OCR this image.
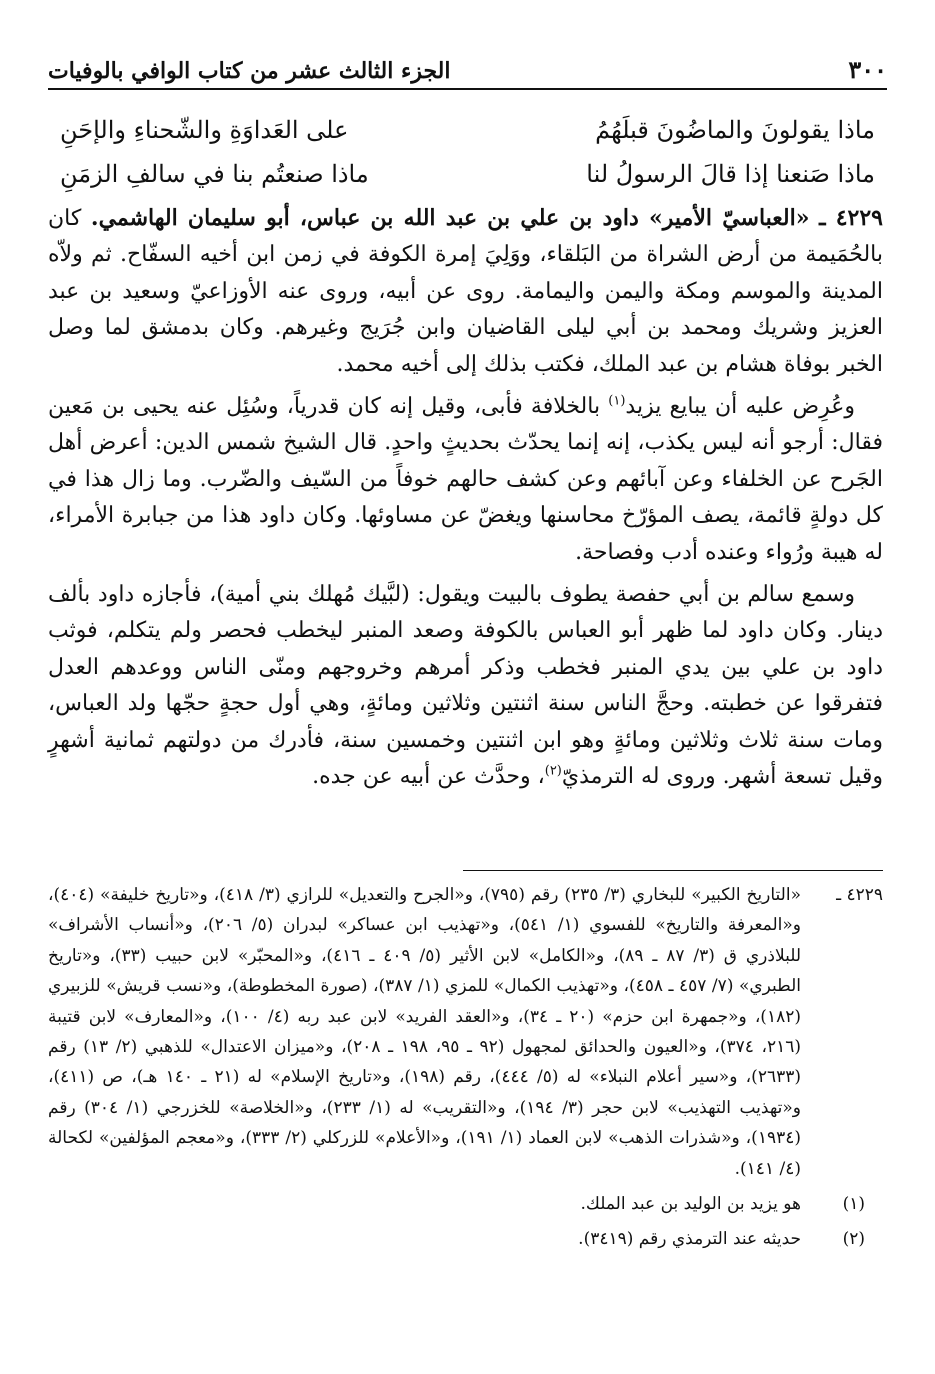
٣٠٠
الجزء الثالث عشر من كتاب الوافي بالوفيات
ماذا يقولونَ والماضُونَ قبلَهُمُ
على العَداوَةِ والشّحناءِ والإحَنِ
ماذا صَنعنا إذا قالَ الرسولُ لنا
ماذا صنعتُم بنا في سالفِ الزمَنِ

٤٢٢٩ ـ «العباسيّ الأمير» داود بن علي بن عبد الله بن عباس، أبو سليمان الهاشمي. كان بالحُمَيمة من أرض الشراة من البَلقاء، ووَلِيَ إمرة الكوفة في زمن ابن أخيه السفّاح. ثم ولاّه المدينة والموسم ومكة واليمن واليمامة. روى عن أبيه، وروى عنه الأوزاعيّ وسعيد بن عبد العزيز وشريك ومحمد بن أبي ليلى القاضيان وابن جُرَيج وغيرهم. وكان بدمشق لما وصل الخبر بوفاة هشام بن عبد الملك، فكتب بذلك إلى أخيه محمد.

وعُرِض عليه أن يبايع يزيد$^{(١)}$ بالخلافة فأبى، وقيل إنه كان قدرياً، وسُئِل عنه يحيى بن مَعين فقال: أرجو أنه ليس يكذب، إنه إنما يحدّث بحديثٍ واحدٍ. قال الشيخ شمس الدين: أعرض أهل الجَرح عن الخلفاء وعن آبائهم وعن كشف حالهم خوفاً من السّيف والضّرب. وما زال هذا في كل دولةٍ قائمة، يصف المؤرّخ محاسنها ويغضّ عن مساوئها. وكان داود هذا من جبابرة الأمراء، له هيبة ورُواء وعنده أدب وفصاحة.

وسمع سالم بن أبي حفصة يطوف بالبيت ويقول: (لبَّيك مُهلك بني أمية)، فأجازه داود بألف دينار. وكان داود لما ظهر أبو العباس بالكوفة وصعد المنبر ليخطب فحصر ولم يتكلم، فوثب داود بن علي بين يدي المنبر فخطب وذكر أمرهم وخروجهم ومنّى الناس ووعدهم العدل فتفرقوا عن خطبته. وحجَّ الناس سنة اثنتين وثلاثين ومائةٍ، وهي أول حجةٍ حجّها ولد العباس، ومات سنة ثلاث وثلاثين ومائةٍ وهو ابن اثنتين وخمسين سنة، فأدرك من دولتهم ثمانية أشهرٍ وقيل تسعة أشهر. وروى له الترمذيّ$^{(٢)}$، وحدَّث عن أبيه عن جده.

٤٢٢٩ ـ
«التاريخ الكبير» للبخاري (٣/ ٢٣٥) رقم (٧٩٥)، و«الجرح والتعديل» للرازي (٣/ ٤١٨)، و«تاريخ خليفة» (٤٠٤)، و«المعرفة والتاريخ» للفسوي (١/ ٥٤١)، و«تهذيب ابن عساكر» لبدران (٥/ ٢٠٦)، و«أنساب الأشراف» للبلاذري ق (٣/ ٨٧ ـ ٨٩)، و«الكامل» لابن الأثير (٥/ ٤٠٩ ـ ٤١٦)، و«المحبّر» لابن حبيب (٣٣)، و«تاريخ الطبري» (٧/ ٤٥٧ ـ ٤٥٨)، و«تهذيب الكمال» للمزي (١/ ٣٨٧)، (صورة المخطوطة)، و«نسب قريش» للزبيري (١٨٢)، و«جمهرة ابن حزم» (٢٠ ـ ٣٤)، و«العقد الفريد» لابن عبد ربه (٤/ ١٠٠)، و«المعارف» لابن قتيبة (٢١٦، ٣٧٤)، و«العيون والحدائق لمجهول (٩٢ ـ ٩٥، ١٩٨ ـ ٢٠٨)، و«ميزان الاعتدال» للذهبي (٢/ ١٣) رقم (٢٦٣٣)، و«سير أعلام النبلاء» له (٥/ ٤٤٤)، رقم (١٩٨)، و«تاريخ الإسلام» له (٢١ ـ ١٤٠ هـ)، ص (٤١١)، و«تهذيب التهذيب» لابن حجر (٣/ ١٩٤)، و«التقريب» له (١/ ٢٣٣)، و«الخلاصة» للخزرجي (١/ ٣٠٤) رقم (١٩٣٤)، و«شذرات الذهب» لابن العماد (١/ ١٩١)، و«الأعلام» للزركلي (٢/ ٣٣٣)، و«معجم المؤلفين» لكحالة (٤/ ١٤١).
(١)
هو يزيد بن الوليد بن عبد الملك.
(٢)
حديثه عند الترمذي رقم (٣٤١٩).
